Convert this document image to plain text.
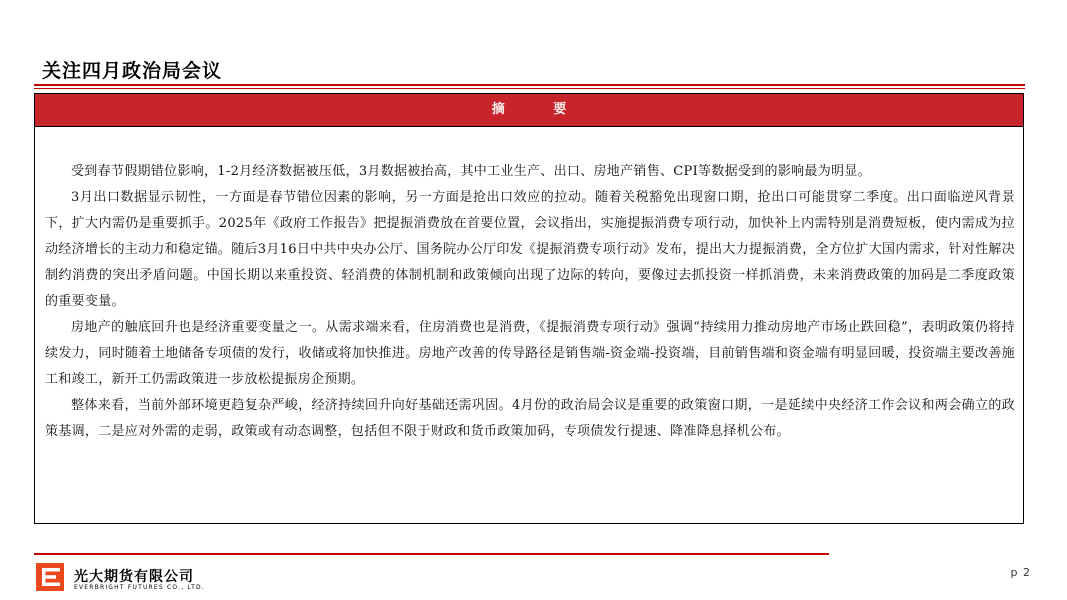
关注四月政治局会议
摘 要

受到春节假期错位影响，1-2月经济数据被压低，3月数据被抬高，其中工业生产、出口、房地产销售、CPI等数据受到的影响最为明显。

3月出口数据显示韧性，一方面是春节错位因素的影响，另一方面是抢出口效应的拉动。随着关税豁免出现窗口期，抢出口可能贯穿二季度。出口面临逆风背景下，扩大内需仍是重要抓手。2025年《政府工作报告》把提振消费放在首要位置，会议指出，实施提振消费专项行动，加快补上内需特别是消费短板，使内需成为拉动经济增长的主动力和稳定锚。随后3月16日中共中央办公厅、国务院办公厅印发《提振消费专项行动》发布，提出大力提振消费，全方位扩大国内需求，针对性解决制约消费的突出矛盾问题。中国长期以来重投资、轻消费的体制机制和政策倾向出现了边际的转向，要像过去抓投资一样抓消费，未来消费政策的加码是二季度政策的重要变量。

房地产的触底回升也是经济重要变量之一。从需求端来看，住房消费也是消费，《提振消费专项行动》强调“持续用力推动房地产市场止跌回稳”，表明政策仍将持续发力，同时随着土地储备专项债的发行，收储或将加快推进。房地产改善的传导路径是销售端-资金端-投资端，目前销售端和资金端有明显回暖，投资端主要改善施工和竣工，新开工仍需政策进一步放松提振房企预期。

整体来看，当前外部环境更趋复杂严峻，经济持续回升向好基础还需巩固。4月份的政治局会议是重要的政策窗口期，一是延续中央经济工作会议和两会确立的政策基调，二是应对外需的走弱，政策或有动态调整，包括但不限于财政和货币政策加码，专项债发行提速、降准降息择机公布。

光大期货有限公司
EVERBRIGHT FUTURES CO., LTD.
p 2
